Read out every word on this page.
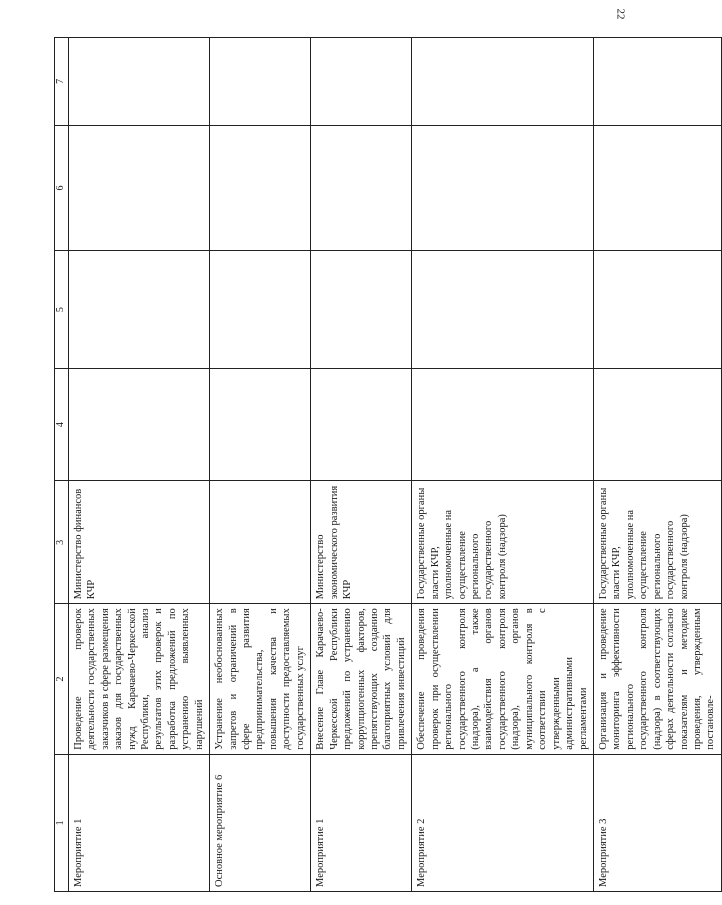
22
1	2	3	4	5	6	7
Мероприятие 1	Проведение проверок деятельности государственных заказчиков в сфере размещения заказов для государственных нужд Карачаево-Черкесской Республики, анализ результатов этих проверок и разработка предложений по устранению выявленных нарушений	Министерство финансов КЧР				
Основное мероприятие 6	Устранение необоснованных запретов и ограничений в сфере развития предпринимательства, повышения качества и доступности предоставляемых государственных услуг					
Мероприятие 1	Внесение Главе Карачаево-Черкесской Республики предложений по устранению коррупциогенных факторов, препятствующих созданию благоприятных условий для привлечения инвестиций	Министерство экономического развития КЧР				
Мероприятие 2	Обеспечение проведения проверок при осуществлении регионального государственного контроля (надзора), а также взаимодействия органов государственного контроля (надзора), органов муниципального контроля в соответствии с утвержденными административными регламентами	Государственные органы власти КЧР, уполномоченные на осуществление регионального государственного контроля (надзора)				
Мероприятие 3	Организация и проведение мониторинга эффективности регионального государственного контроля (надзора) в соответствующих сферах деятельности согласно показателям и методике проведения, утвержденным постановле-	Государственные органы власти КЧР, уполномоченные на осуществление регионального государственного контроля (надзора)				
